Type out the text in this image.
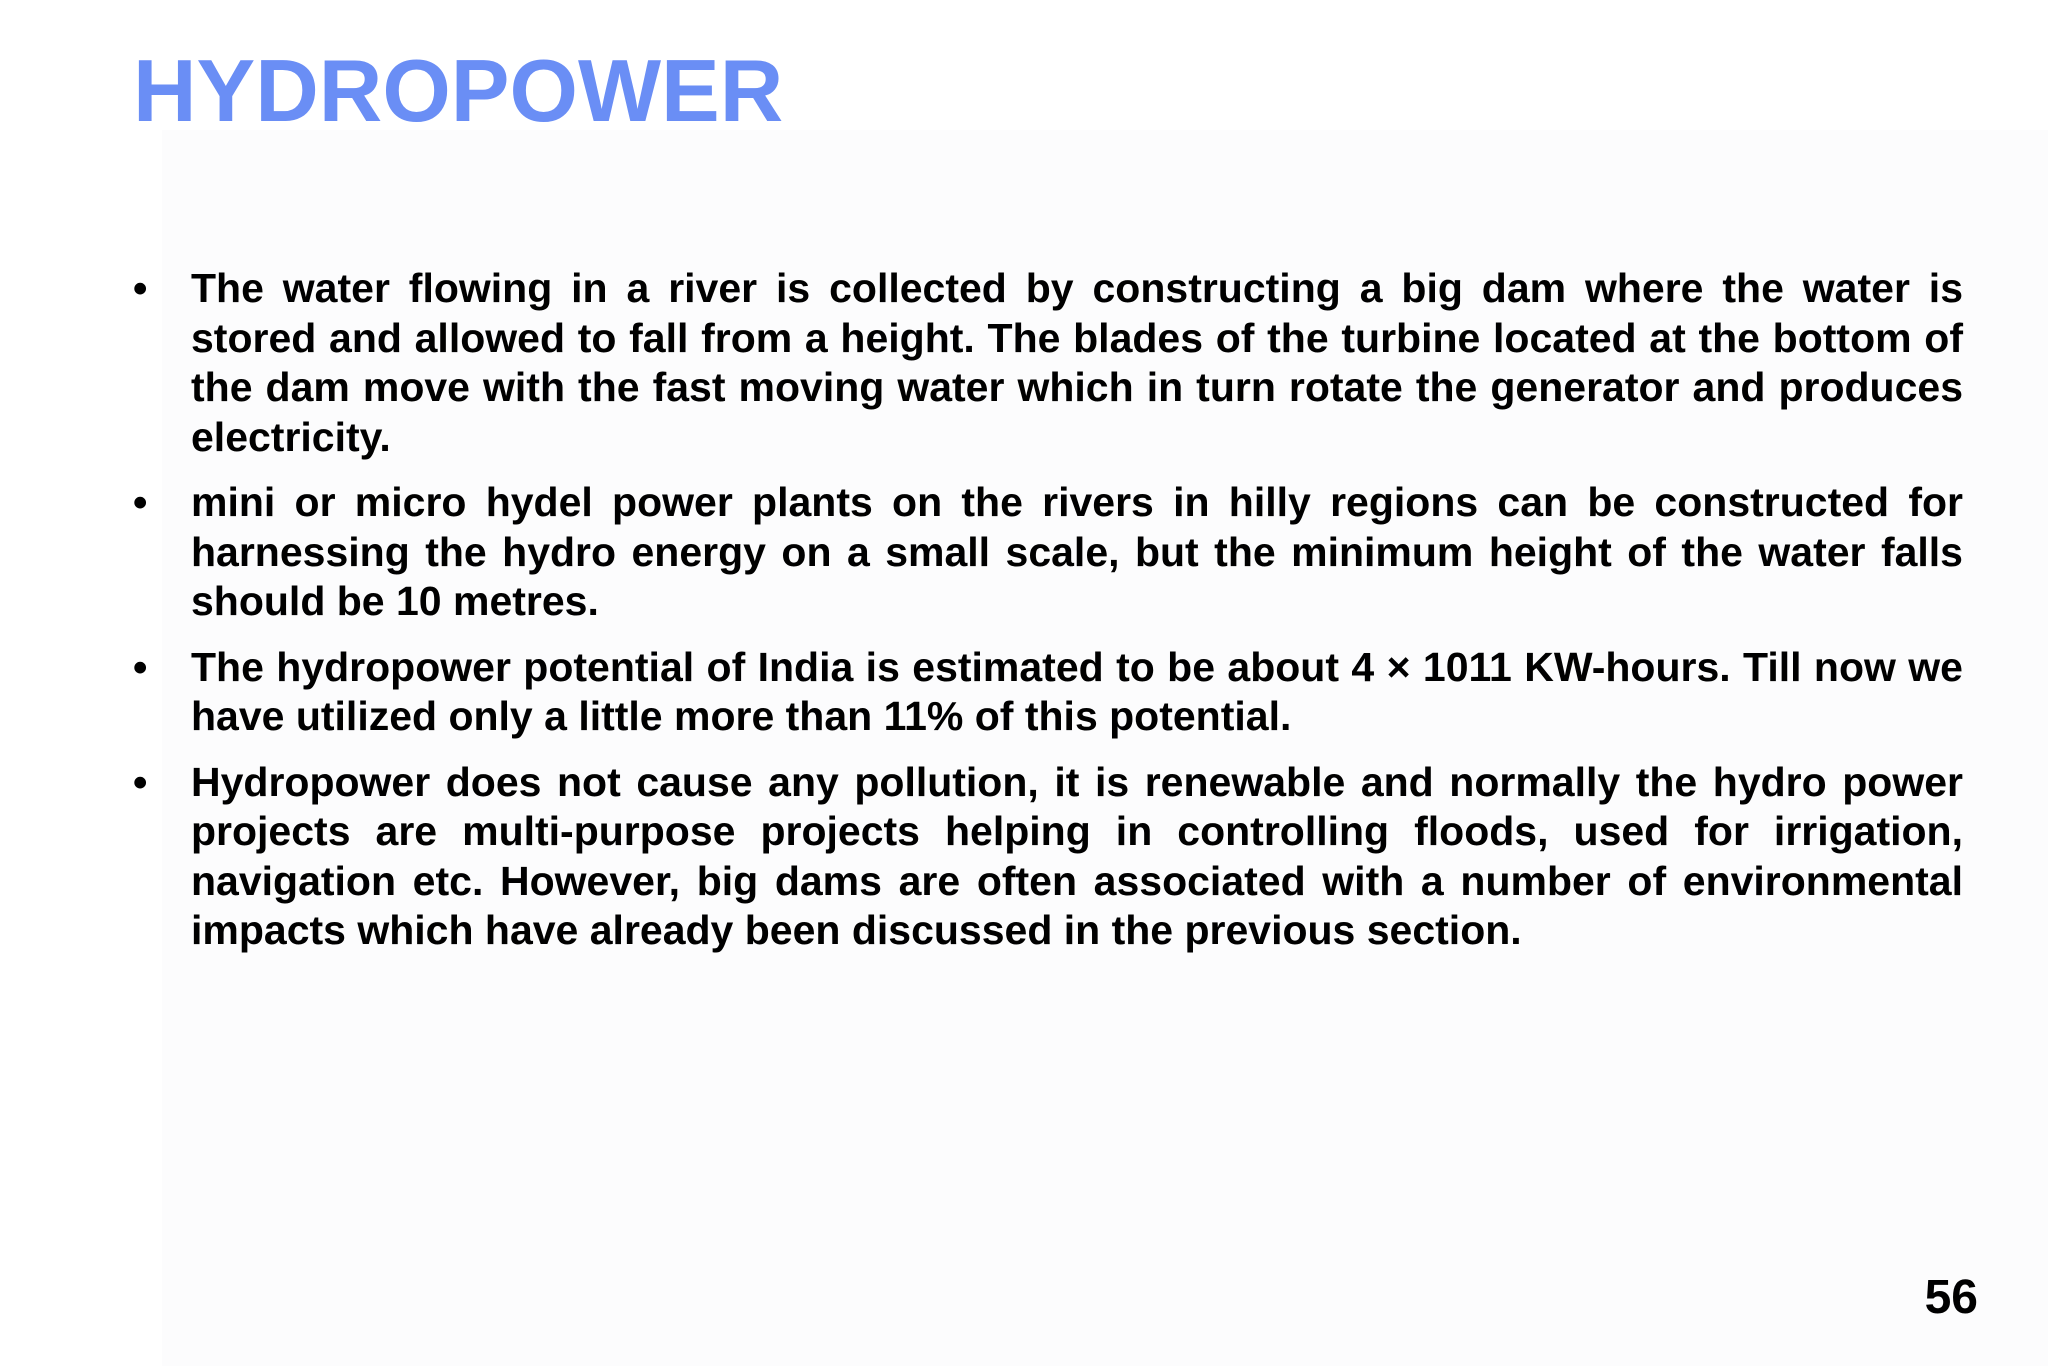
HYDROPOWER
• The water flowing in a river is collected by constructing a big dam where the water is stored and allowed to fall from a height. The blades of the turbine located at the bottom of the dam move with the fast moving water which in turn rotate the generator and produces electricity.
• mini or micro hydel power plants on the rivers in hilly regions can be constructed for harnessing the hydro energy on a small scale, but the minimum height of the water falls should be 10 metres.
• The hydropower potential of India is estimated to be about 4 × 1011 KW-hours. Till now we have utilized only a little more than 11% of this potential.
• Hydropower does not cause any pollution, it is renewable and normally the hydro power projects are multi-purpose projects helping in controlling floods, used for irrigation, navigation etc. However, big dams are often associated with a number of environmental impacts which have already been discussed in the previous section.
56
